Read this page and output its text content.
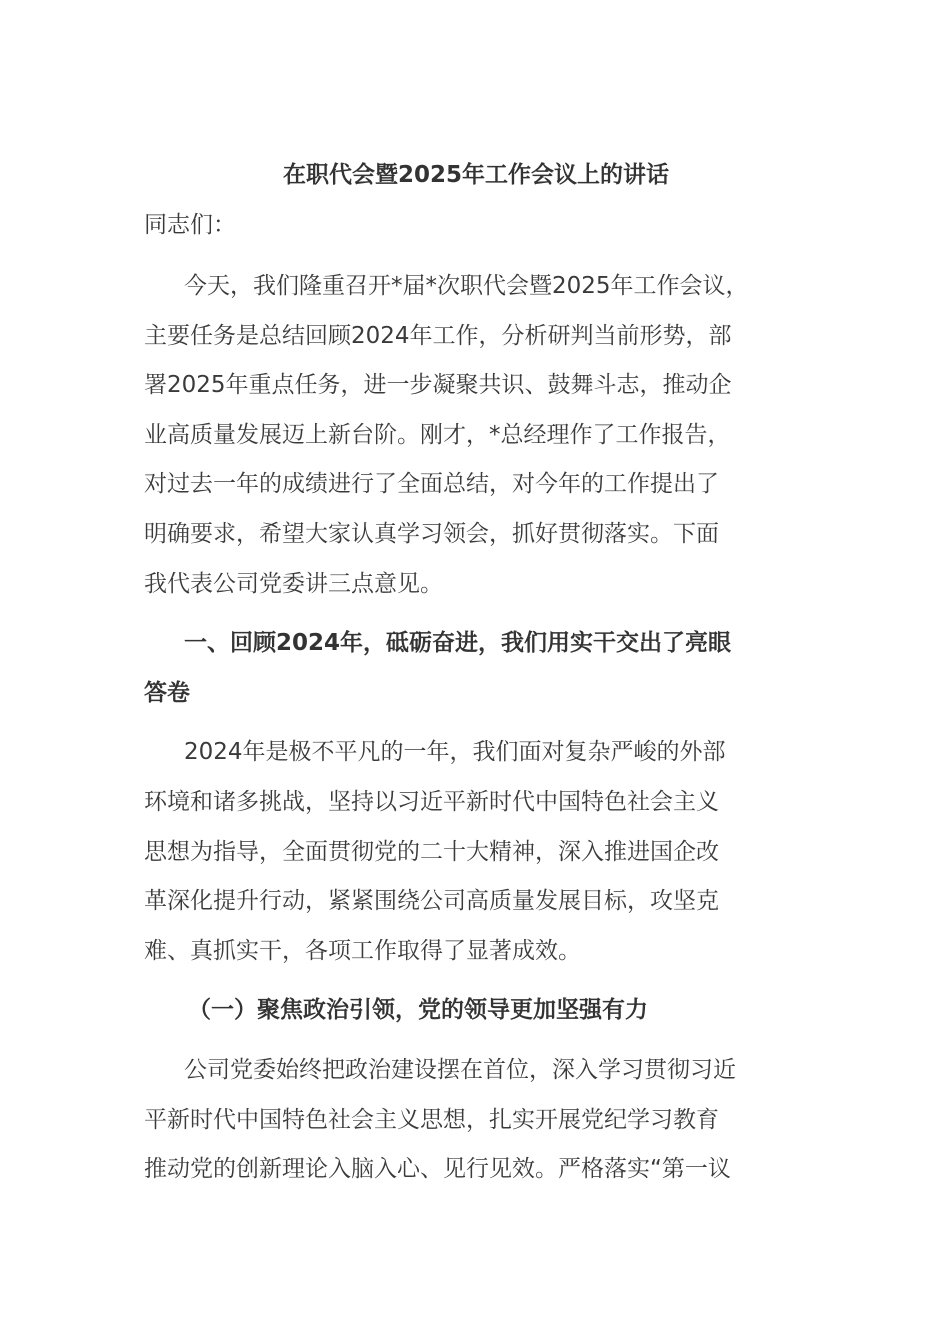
在职代会暨2025年工作会议上的讲话
同志们：
今天，我们隆重召开*届*次职代会暨2025年工作会议，
主要任务是总结回顾2024年工作，分析研判当前形势，部
署2025年重点任务，进一步凝聚共识、鼓舞斗志，推动企
业高质量发展迈上新台阶。刚才，*总经理作了工作报告，
对过去一年的成绩进行了全面总结，对今年的工作提出了
明确要求，希望大家认真学习领会，抓好贯彻落实。下面
我代表公司党委讲三点意见。
一、回顾2024年，砥砺奋进，我们用实干交出了亮眼
答卷
2024年是极不平凡的一年，我们面对复杂严峻的外部
环境和诸多挑战，坚持以习近平新时代中国特色社会主义
思想为指导，全面贯彻党的二十大精神，深入推进国企改
革深化提升行动，紧紧围绕公司高质量发展目标，攻坚克
难、真抓实干，各项工作取得了显著成效。
（一）聚焦政治引领，党的领导更加坚强有力
公司党委始终把政治建设摆在首位，深入学习贯彻习近
平新时代中国特色社会主义思想，扎实开展党纪学习教育
推动党的创新理论入脑入心、见行见效。严格落实“第一议
